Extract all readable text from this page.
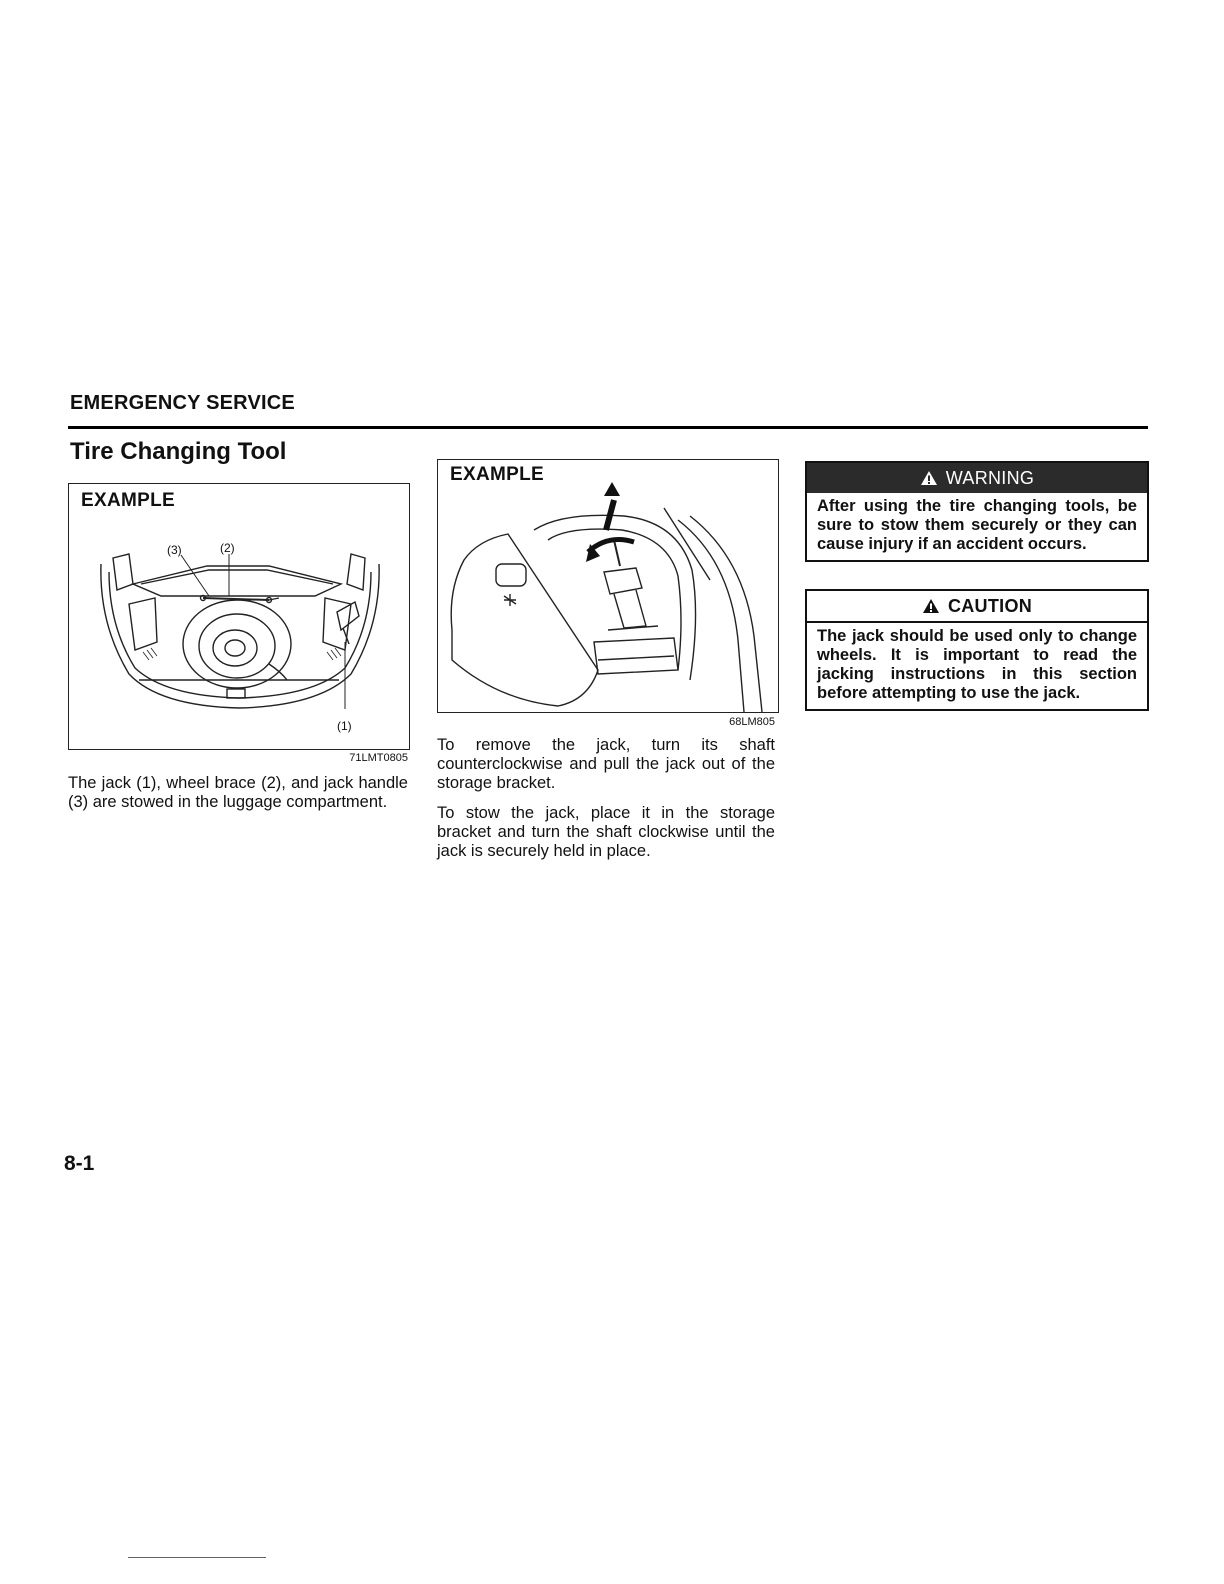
EMERGENCY SERVICE
Tire Changing Tool
EXAMPLE
(3)	(2)
(1)
71LMT0805
The jack (1), wheel brace (2), and jack handle (3) are stowed in the luggage compartment.
EXAMPLE
68LM805
To remove the jack, turn its shaft counterclockwise and pull the jack out of the storage bracket.
To stow the jack, place it in the storage bracket and turn the shaft clockwise until the jack is securely held in place.
WARNING
After using the tire changing tools, be sure to stow them securely or they can cause injury if an accident occurs.
CAUTION
The jack should be used only to change wheels. It is important to read the jacking instructions in this section before attempting to use the jack.
8-1
